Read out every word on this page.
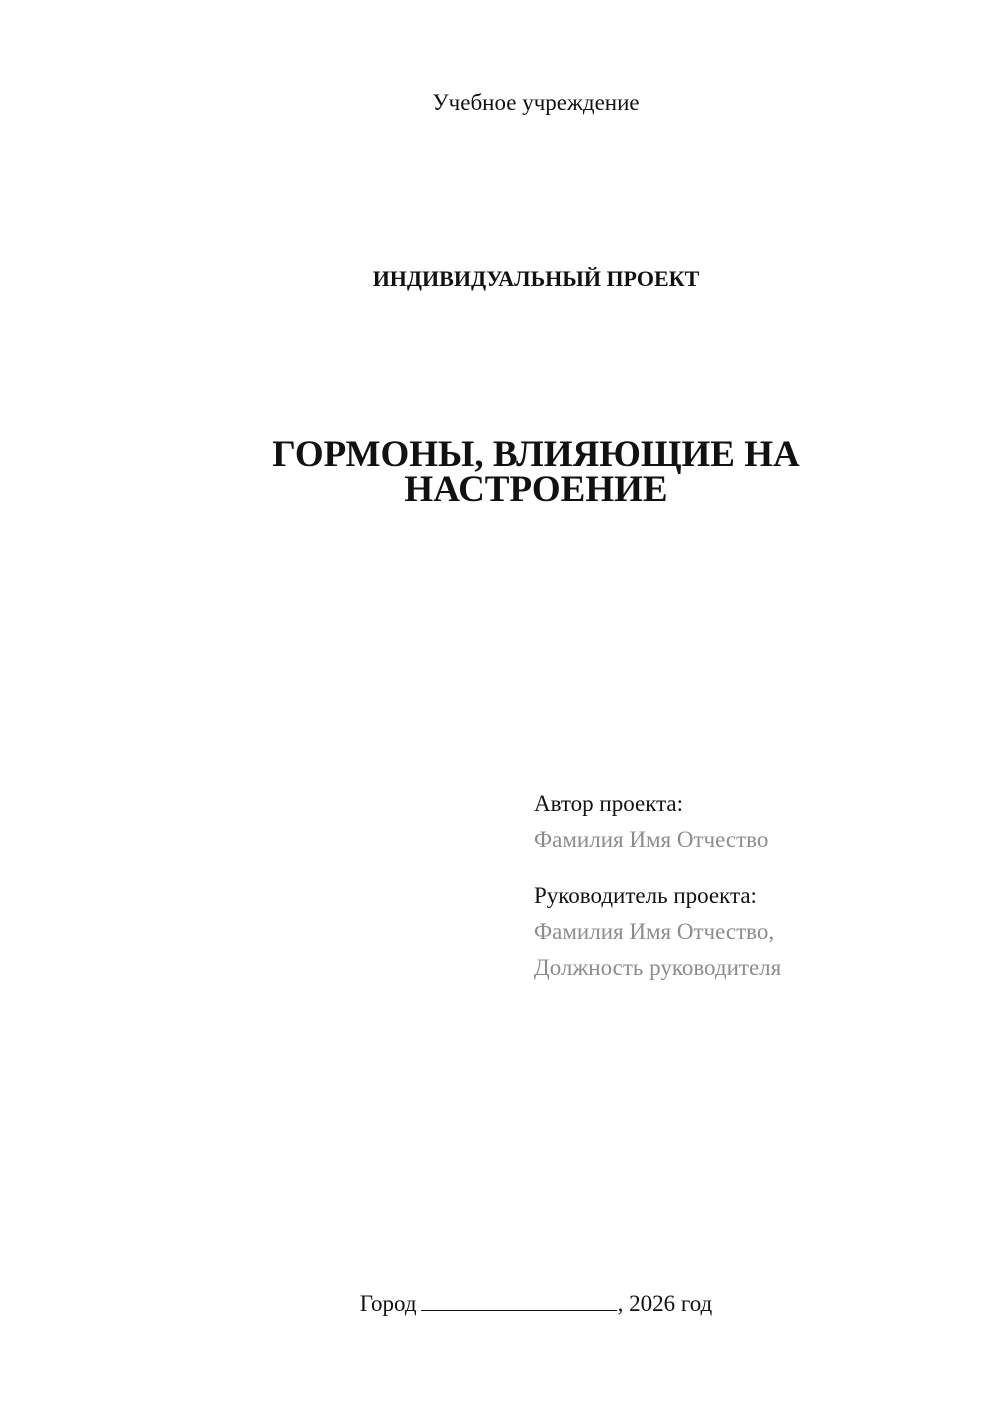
Учебное учреждение
ИНДИВИДУАЛЬНЫЙ ПРОЕКТ
ГОРМОНЫ, ВЛИЯЮЩИЕ НА
НАСТРОЕНИЕ
Автор проекта:
Фамилия Имя Отчество
Руководитель проекта:
Фамилия Имя Отчество,
Должность руководителя
Город	, 2026 год
